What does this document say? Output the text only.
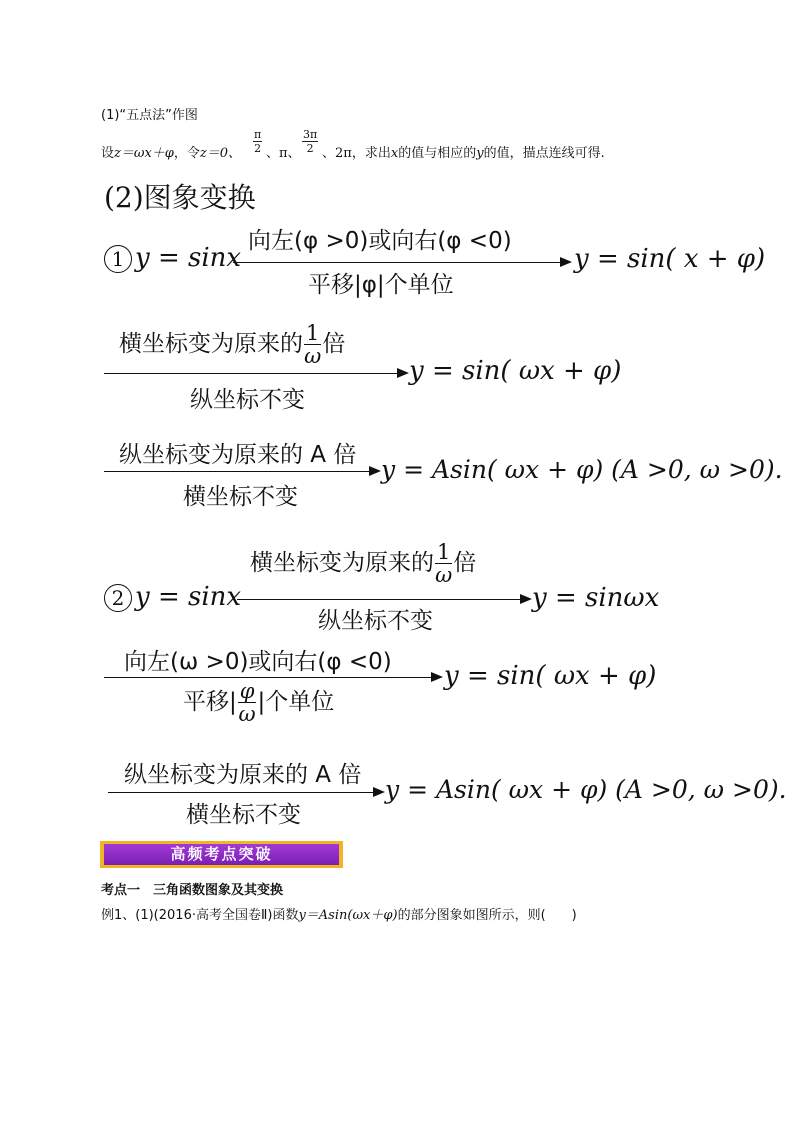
(1)“五点法”作图
设z＝ωx＋φ，令z＝0、 $\frac{\pi}{2}$ 、π、 $\frac{3\pi}{2}$ 、2π，求出x的值与相应的y的值，描点连线可得.
(2)图象变换
1 y = sinx
向左(φ >0)或向右(φ <0)
平移|φ|个单位
y = sin( x + φ)
横坐标变为原来的 $\frac{1}{\omega}$ 倍
纵坐标不变
y = sin( ωx + φ)
纵坐标变为原来的 A 倍
横坐标不变
y = Asin( ωx + φ) (A >0, ω >0).
横坐标变为原来的 $\frac{1}{\omega}$ 倍
2 y = sinx
纵坐标不变
y = sinωx
向左(ω >0)或向右(φ <0)
平移| $\frac{\varphi}{\omega}$ |个单位
y = sin( ωx + φ)
纵坐标变为原来的 A 倍
横坐标不变
y = Asin( ωx + φ) (A >0, ω >0).
高频考点突破
考点一　三角函数图象及其变换
例1、(1)(2016·高考全国卷Ⅱ)函数y＝Asin(ωx＋φ)的部分图象如图所示，则(　　)
